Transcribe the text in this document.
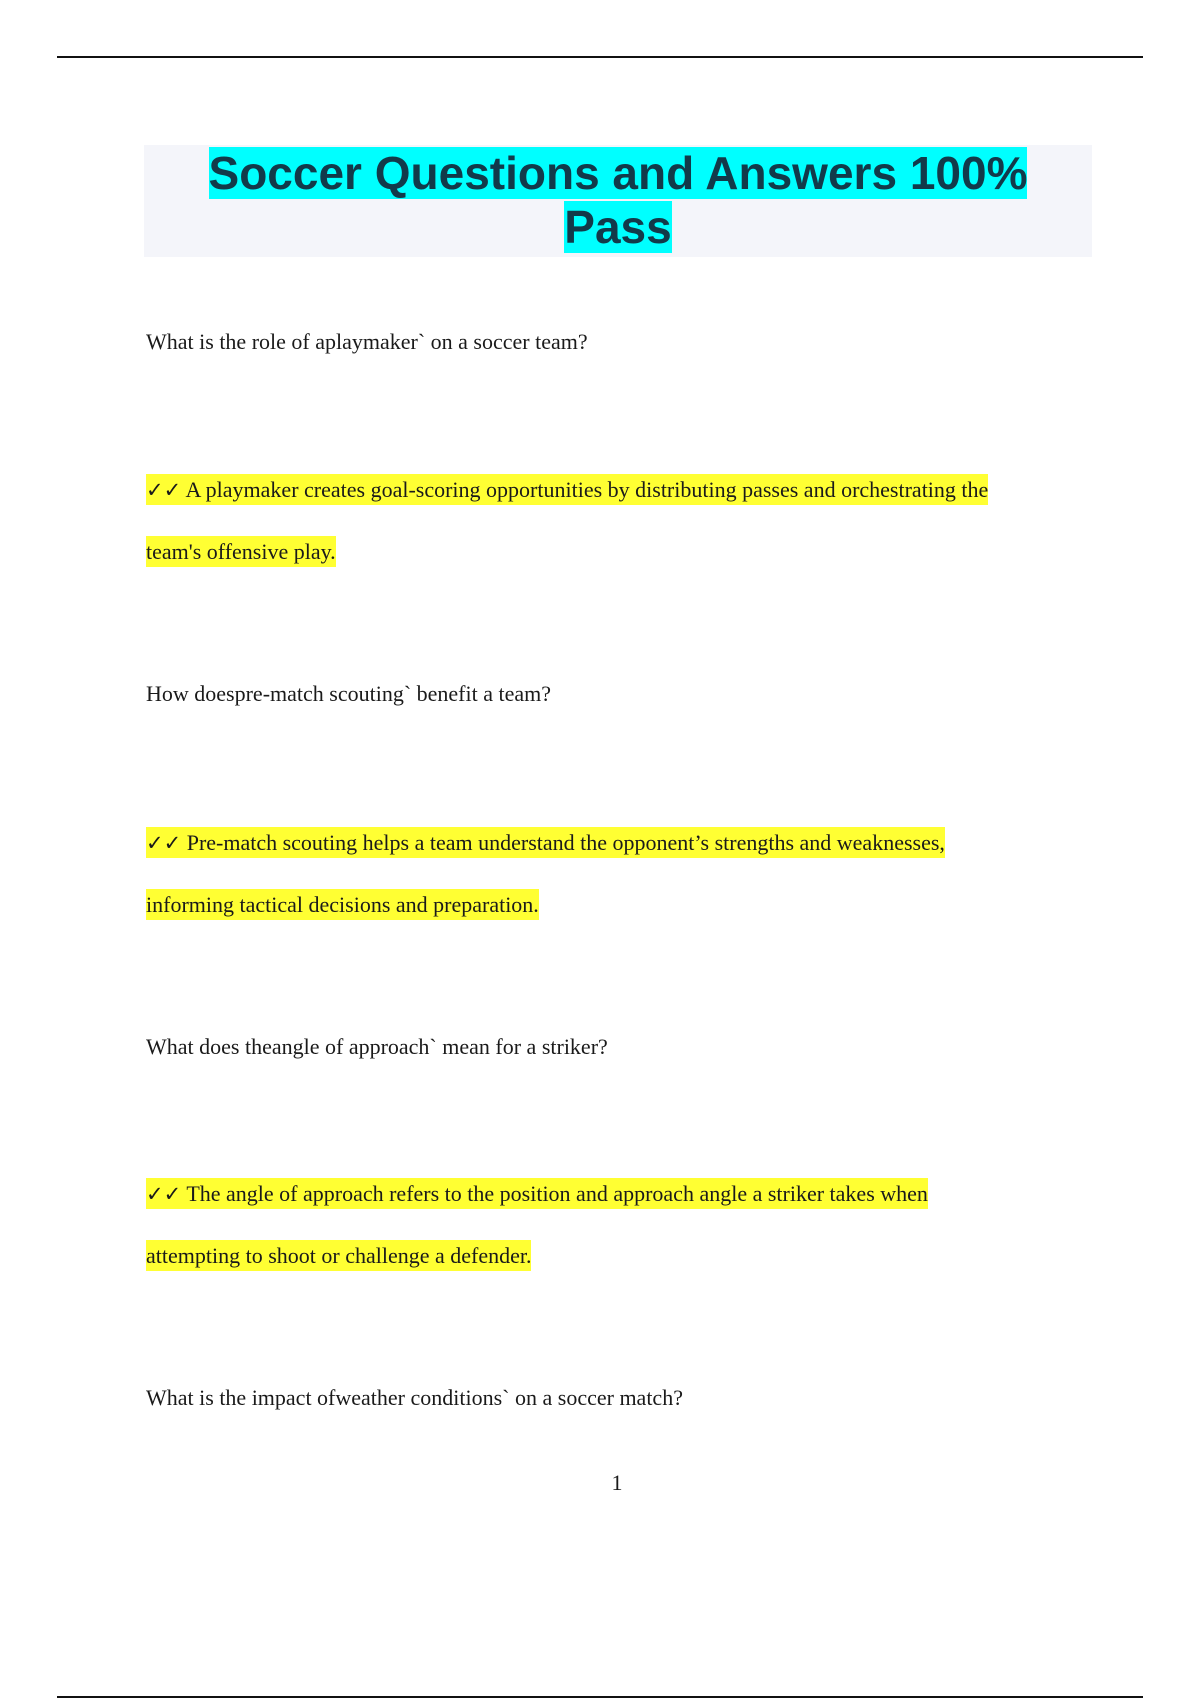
Soccer Questions and Answers 100%
Pass

What is the role of aplaymaker` on a soccer team?
✓✓ A playmaker creates goal-scoring opportunities by distributing passes and orchestrating the
team's offensive play.
How doespre-match scouting` benefit a team?
✓✓ Pre-match scouting helps a team understand the opponent’s strengths and weaknesses,
informing tactical decisions and preparation.
What does theangle of approach` mean for a striker?
✓✓ The angle of approach refers to the position and approach angle a striker takes when
attempting to shoot or challenge a defender.
What is the impact ofweather conditions` on a soccer match?
1
